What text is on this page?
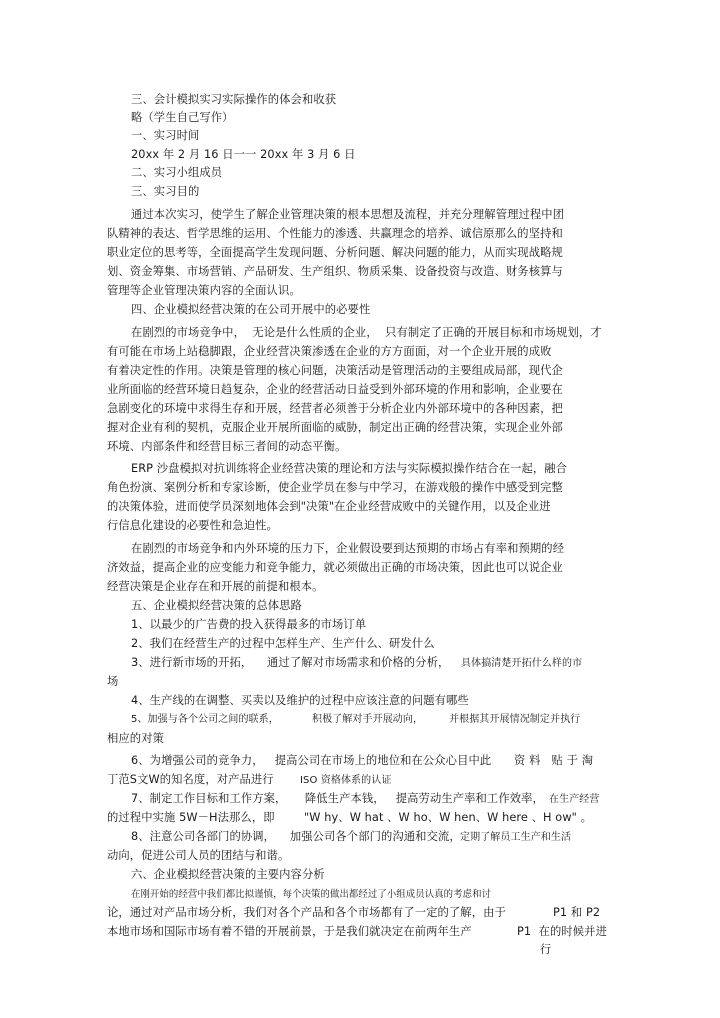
三、会计模拟实习实际操作的体会和收获

略（学生自己写作）

一、实习时间

20xx 年 2 月 16 日一一 20xx 年 3 月 6 日

二、实习小组成员

三、实习目的

通过本次实习，使学生了解企业管理决策的根本思想及流程，并充分理解管理过程中团

队精神的表达、哲学思维的运用、个性能力的渗透、共赢理念的培养、诚信原那么的坚持和

职业定位的思考等，全面提高学生发现问题、分析问题、解决问题的能力，从而实现战略规

划、资金筹集、市场营销、产品研发、生产组织、物质采集、设备投资与改造、财务核算与

管理等企业管理决策内容的全面认识。

四、企业模拟经营决策的在公司开展中的必要性

在剧烈的市场竞争中，  无论是什么性质的企业，  只有制定了正确的开展目标和市场规划，才

有可能在市场上站稳脚跟，企业经营决策渗透在企业的方方面面，对一个企业开展的成败

有着决定性的作用。决策是管理的核心问题，决策活动是管理活动的主要组成局部，现代企

业所面临的经营环境日趋复杂，企业的经营活动日益受到外部环境的作用和影响，企业要在

急剧变化的环境中求得生存和开展，经营者必须善于分析企业内外部环境中的各种因素，把

握对企业有利的契机，克服企业开展所面临的威胁，制定出正确的经营决策，实现企业外部

环境、内部条件和经营目标三者间的动态平衡。

ERP 沙盘模拟对抗训练将企业经营决策的理论和方法与实际模拟操作结合在一起，融合

角色扮演、案例分析和专家诊断，使企业学员在参与中学习，在游戏般的操作中感受到完整

的决策体验，进而使学员深刻地体会到"决策"在企业经营成败中的关键作用，以及企业进

行信息化建设的必要性和急迫性。

在剧烈的市场竞争和内外环境的压力下，企业假设要到达预期的市场占有率和预期的经

济效益，提高企业的应变能力和竞争能力，就必须做出正确的市场决策，因此也可以说企业

经营决策是企业存在和开展的前提和根本。

五、企业模拟经营决策的总体思路

1、以最少的广告费的投入获得最多的市场订单

2、我们在经营生产的过程中怎样生产、生产什么、研发什么

3、进行新市场的开拓，    通过了解对市场需求和价格的分析， 具体搞清楚开拓什么样的市

场

4、生产线的在调整、买卖以及维护的过程中应该注意的问题有哪些

5、加强与各个公司之间的联系，	积极了解对手开展动向，	并根据其开展情况制定并执行

相应的对策

6、为增强公司的竞争力，   提高公司在市场上的地位和在公众心目中此 资 料   贴 于 淘

丁范S文W的知名度，对产品进行	ISO 资格体系的认证

7、制定工作目标和工作方案，     降低生产本钱，   提高劳动生产率和工作效率， 在生产经营

的过程中实施 5W－H法那么，即	"W hy、W hat 、W ho、W hen、W here 、H ow" 。

8、注意公司各部门的协调，    加强公司各个部门的沟通和交流， 定期了解员工生产和生活

动向，促进公司人员的团结与和谐。

六、企业模拟经营决策的主要内容分析

在刚开始的经营中我们都比拟谨慎，每个决策的做出都经过了小组成员认真的考虑和讨

论，通过对产品市场分析，我们对各个产品和各个市场都有了一定的了解，由于	P1 和 P2

本地市场和国际市场有着不错的开展前景，于是我们就决定在前两年生产	P1  在的时候并进

行
